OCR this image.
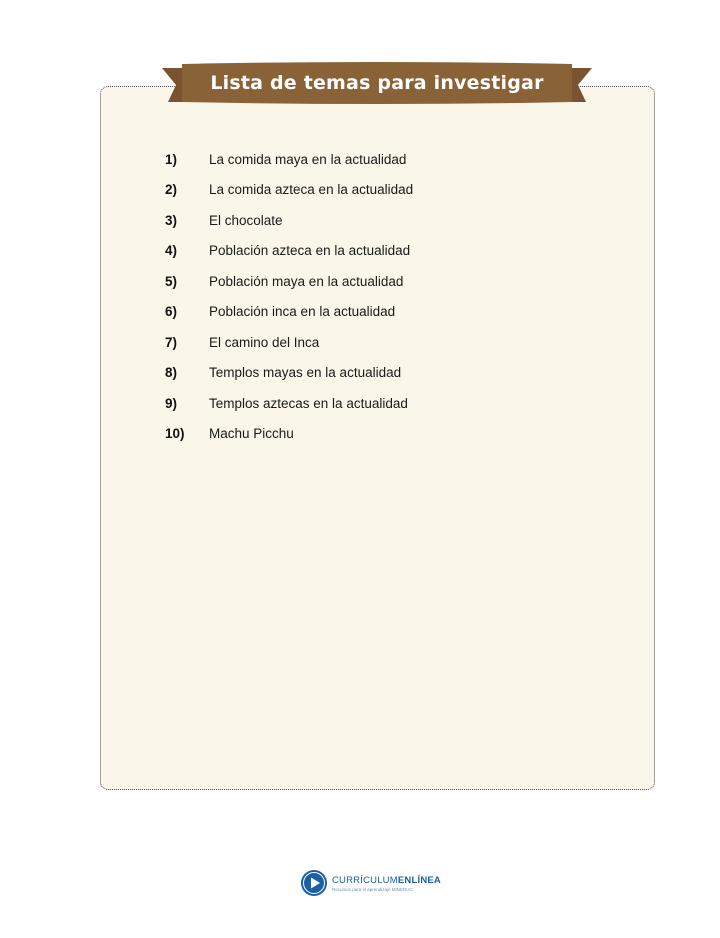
Lista de temas para investigar
1)	La comida maya en la actualidad
2)	La comida azteca en la actualidad
3)	El chocolate
4)	Población azteca en la actualidad
5)	Población maya en la actualidad
6)	Población inca en la actualidad
7)	El camino del Inca
8)	Templos mayas en la actualidad
9)	Templos aztecas en la actualidad
10)	Machu Picchu
CURRÍCULUMENLÍNEA
Recursos para el aprendizaje MINEDUC
